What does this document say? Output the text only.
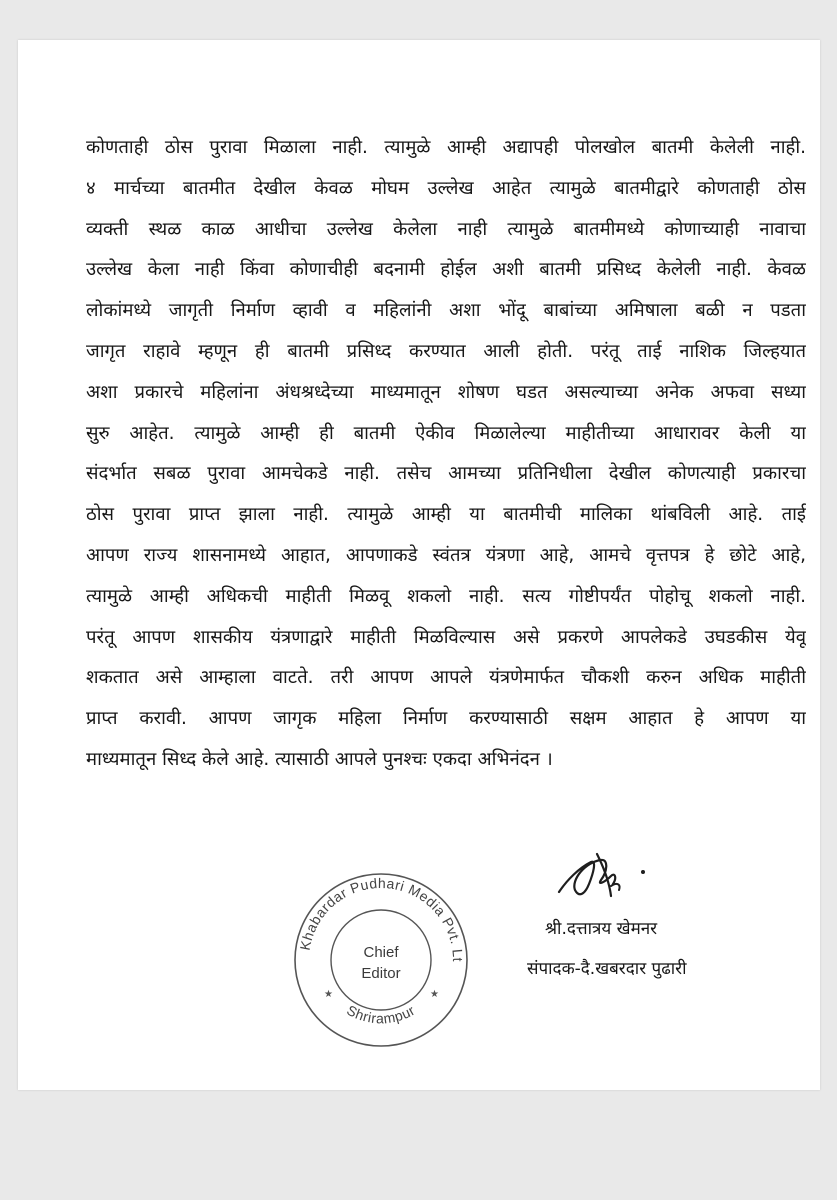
कोणताही ठोस पुरावा मिळाला नाही. त्यामुळे आम्ही अद्यापही पोलखोल बातमी केलेली नाही.
४ मार्चच्या बातमीत देखील केवळ मोघम उल्लेख आहेत त्यामुळे बातमीद्वारे कोणताही ठोस
व्यक्ती स्थळ काळ आधीचा उल्लेख केलेला नाही त्यामुळे बातमीमध्ये कोणाच्याही नावाचा
उल्लेख केला नाही किंवा कोणाचीही बदनामी होईल अशी बातमी प्रसिध्द केलेली नाही. केवळ
लोकांमध्ये जागृती निर्माण व्हावी व महिलांनी अशा भोंदू बाबांच्या अमिषाला बळी न पडता
जागृत राहावे म्हणून ही बातमी प्रसिध्द करण्यात आली होती. परंतू ताई नाशिक जिल्हयात
अशा प्रकारचे महिलांना अंधश्रध्देच्या माध्यमातून शोषण घडत असल्याच्या अनेक अफवा सध्या
सुरु आहेत. त्यामुळे आम्ही ही बातमी ऐकीव मिळालेल्या माहीतीच्या आधारावर केली या
संदर्भात सबळ पुरावा आमचेकडे नाही. तसेच आमच्या प्रतिनिधीला देखील कोणत्याही प्रकारचा
ठोस पुरावा प्राप्त झाला नाही. त्यामुळे आम्ही या बातमीची मालिका थांबविली आहे. ताई
आपण राज्य शासनामध्ये आहात, आपणाकडे स्वंतत्र यंत्रणा आहे, आमचे वृत्तपत्र हे छोटे आहे,
त्यामुळे आम्ही अधिकची माहीती मिळवू शकलो नाही. सत्य गोष्टीपर्यंत पोहोचू शकलो नाही.
परंतू आपण शासकीय यंत्रणाद्वारे माहीती मिळविल्यास असे प्रकरणे आपलेकडे उघडकीस येवू
शकतात असे आम्हाला वाटते. तरी आपण आपले यंत्रणेमार्फत चौकशी करुन अधिक माहीती
प्राप्त करावी. आपण जागृक महिला निर्माण करण्यासाठी सक्षम आहात हे आपण या
माध्यमातून सिध्द केले आहे. त्यासाठी आपले पुनश्चः एकदा अभिनंदन ।
Khabardar Pudhari Media Pvt. Lt
Shrirampur
★	★
Chief
Editor
श्री.दत्तात्रय खेमनर
संपादक-दै.खबरदार पुढारी
